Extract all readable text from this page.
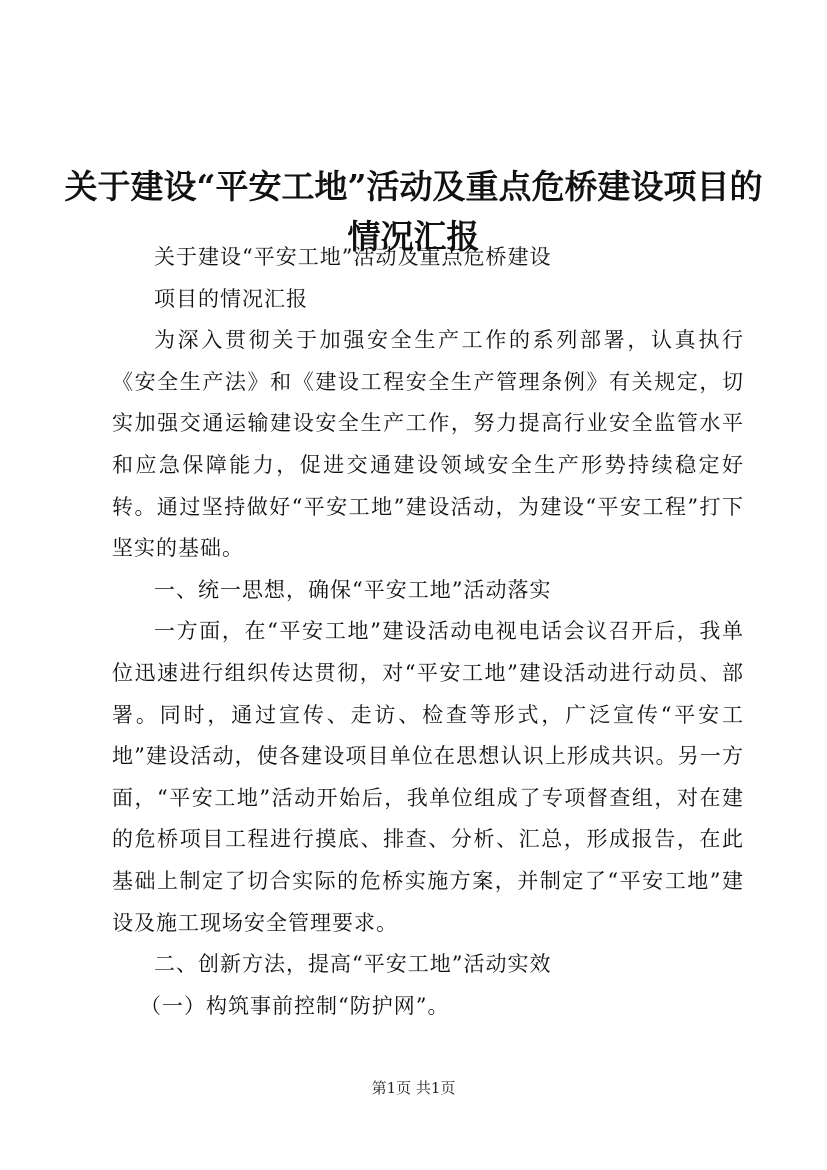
关于建设“平安工地”活动及重点危桥建设项目的情况汇报

关于建设“平安工地”活动及重点危桥建设

项目的情况汇报

为深入贯彻关于加强安全生产工作的系列部署，认真执行《安全生产法》和《建设工程安全生产管理条例》有关规定，切实加强交通运输建设安全生产工作，努力提高行业安全监管水平和应急保障能力，促进交通建设领域安全生产形势持续稳定好转。通过坚持做好“平安工地”建设活动，为建设“平安工程”打下坚实的基础。

一、统一思想，确保“平安工地”活动落实

一方面，在“平安工地”建设活动电视电话会议召开后，我单位迅速进行组织传达贯彻，对“平安工地”建设活动进行动员、部署。同时，通过宣传、走访、检查等形式，广泛宣传“平安工地”建设活动，使各建设项目单位在思想认识上形成共识。另一方面，“平安工地”活动开始后，我单位组成了专项督查组，对在建的危桥项目工程进行摸底、排查、分析、汇总，形成报告，在此基础上制定了切合实际的危桥实施方案，并制定了“平安工地”建设及施工现场安全管理要求。

二、创新方法，提高“平安工地”活动实效

（一）构筑事前控制“防护网”。

第1页 共1页
